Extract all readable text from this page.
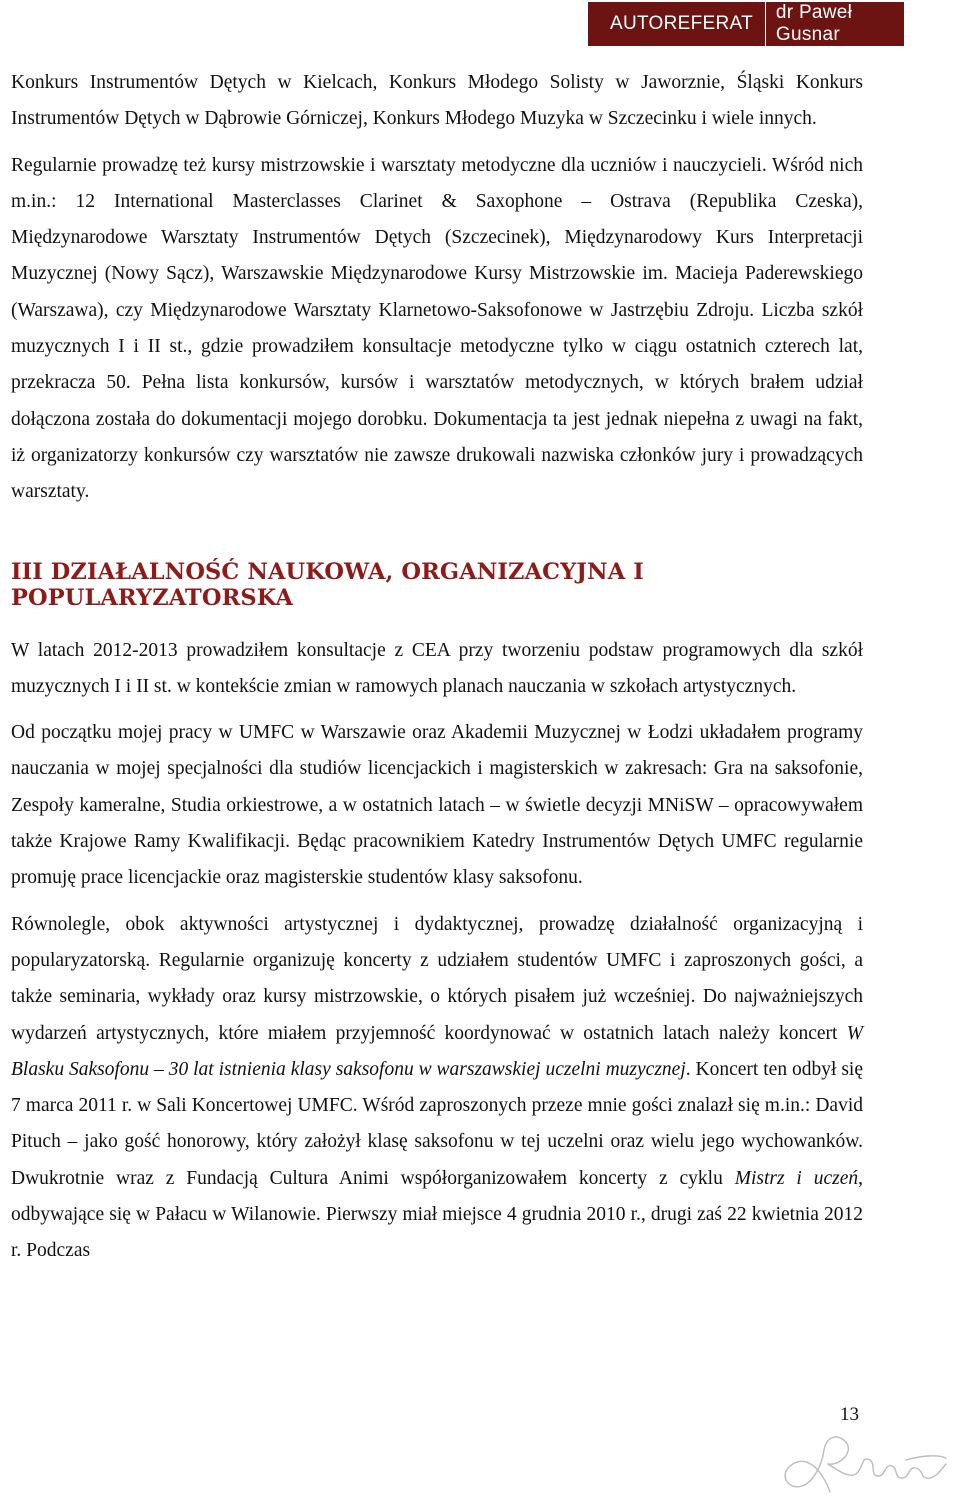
AUTOREFERAT
dr Paweł Gusnar

Konkurs Instrumentów Dętych w Kielcach, Konkurs Młodego Solisty w Jaworznie, Śląski Konkurs Instrumentów Dętych w Dąbrowie Górniczej, Konkurs Młodego Muzyka w Szczecinku i wiele innych.

Regularnie prowadzę też kursy mistrzowskie i warsztaty metodyczne dla uczniów i nauczycieli. Wśród nich m.in.: 12 International Masterclasses Clarinet & Saxophone – Ostrava (Republika Czeska), Międzynarodowe Warsztaty Instrumentów Dętych (Szczecinek), Międzynarodowy Kurs Interpretacji Muzycznej (Nowy Sącz), Warszawskie Międzynarodowe Kursy Mistrzowskie im. Macieja Paderewskiego (Warszawa), czy Międzynarodowe Warsztaty Klarnetowo-Saksofonowe w Jastrzębiu Zdroju. Liczba szkół muzycznych I i II st., gdzie prowadziłem konsultacje metodyczne tylko w ciągu ostatnich czterech lat, przekracza 50. Pełna lista konkursów, kursów i warsztatów metodycznych, w których brałem udział dołączona została do dokumentacji mojego dorobku. Dokumentacja ta jest jednak niepełna z uwagi na fakt, iż organizatorzy konkursów czy warsztatów nie zawsze drukowali nazwiska członków jury i prowadzących warsztaty.

III DZIAŁALNOŚĆ NAUKOWA, ORGANIZACYJNA I POPULARYZATORSKA

W latach 2012-2013 prowadziłem konsultacje z CEA przy tworzeniu podstaw programowych dla szkół muzycznych I i II st. w kontekście zmian w ramowych planach nauczania w szkołach artystycznych.

Od początku mojej pracy w UMFC w Warszawie oraz Akademii Muzycznej w Łodzi układałem programy nauczania w mojej specjalności dla studiów licencjackich i magisterskich w zakresach: Gra na saksofonie, Zespoły kameralne, Studia orkiestrowe, a w ostatnich latach – w świetle decyzji MNiSW – opracowywałem także Krajowe Ramy Kwalifikacji. Będąc pracownikiem Katedry Instrumentów Dętych UMFC regularnie promuję prace licencjackie oraz magisterskie studentów klasy saksofonu.

Równolegle, obok aktywności artystycznej i dydaktycznej, prowadzę działalność organizacyjną i popularyzatorską. Regularnie organizuję koncerty z udziałem studentów UMFC i zaproszonych gości, a także seminaria, wykłady oraz kursy mistrzowskie, o których pisałem już wcześniej. Do najważniejszych wydarzeń artystycznych, które miałem przyjemność koordynować w ostatnich latach należy koncert W Blasku Saksofonu – 30 lat istnienia klasy saksofonu w warszawskiej uczelni muzycznej. Koncert ten odbył się 7 marca 2011 r. w Sali Koncertowej UMFC. Wśród zaproszonych przeze mnie gości znalazł się m.in.: David Pituch – jako gość honorowy, który założył klasę saksofonu w tej uczelni oraz wielu jego wychowanków. Dwukrotnie wraz z Fundacją Cultura Animi współorganizowałem koncerty z cyklu Mistrz i uczeń, odbywające się w Pałacu w Wilanowie. Pierwszy miał miejsce 4 grudnia 2010 r., drugi zaś 22 kwietnia 2012 r. Podczas

13
